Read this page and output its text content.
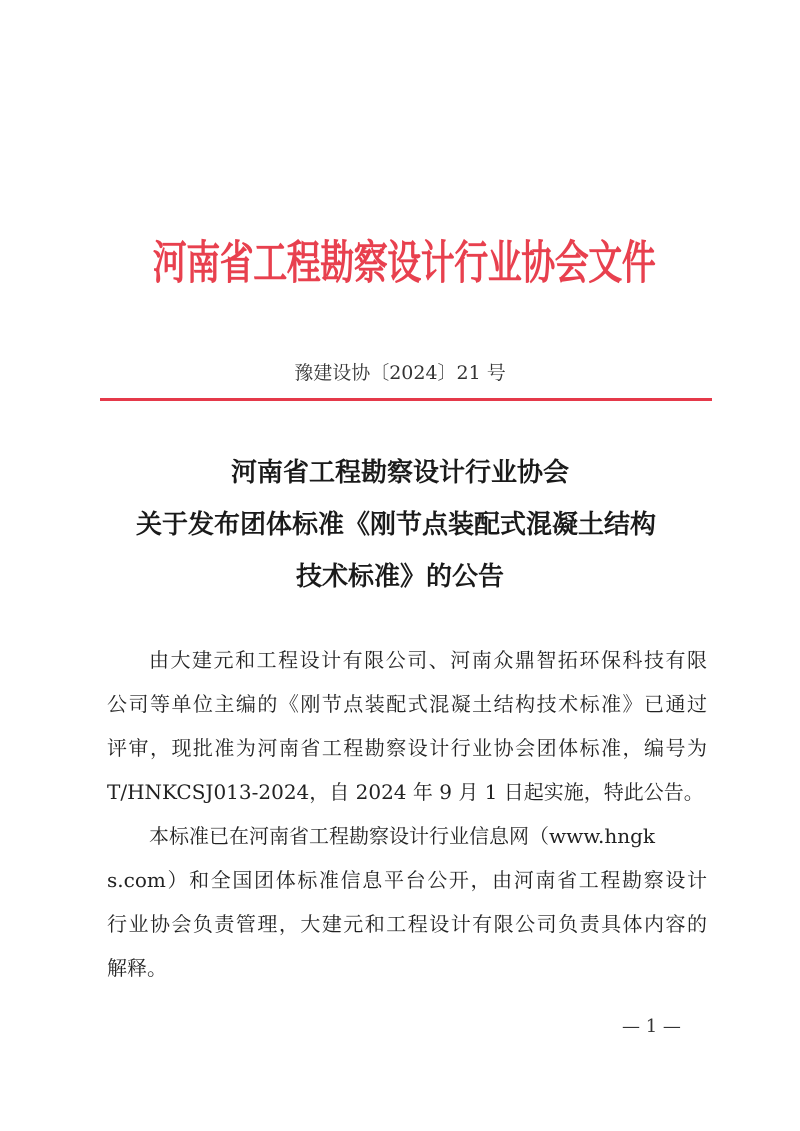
河南省工程勘察设计行业协会文件
豫建设协〔2024〕21 号
河南省工程勘察设计行业协会
关于发布团体标准《刚节点装配式混凝土结构
技术标准》的公告
由大建元和工程设计有限公司、河南众鼎智拓环保科技有限
公司等单位主编的《刚节点装配式混凝土结构技术标准》已通过
评审，现批准为河南省工程勘察设计行业协会团体标准，编号为
T/HNKCSJ013-2024，自 2024 年 9 月 1 日起实施，特此公告。
本标准已在河南省工程勘察设计行业信息网（www.hngk
s.com）和全国团体标准信息平台公开，由河南省工程勘察设计
行业协会负责管理，大建元和工程设计有限公司负责具体内容的
解释。
— 1 —
